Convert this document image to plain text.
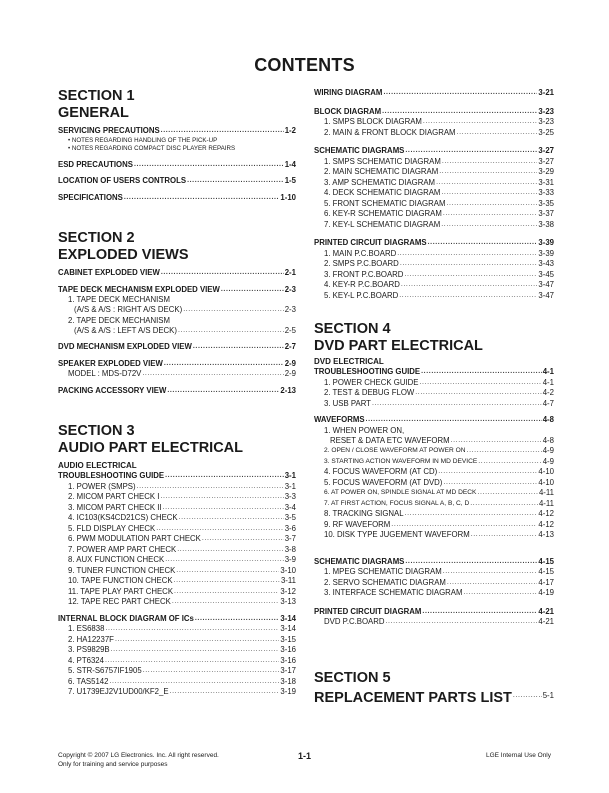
CONTENTS
SECTION 1
GENERAL
SERVICING PRECAUTIONS .....	1-2
• NOTES REGARDING HANDLING OF THE PICK-UP
• NOTES REGARDING COMPACT DISC PLAYER REPAIRS
ESD PRECAUTIONS .....	1-4
LOCATION OF USERS CONTROLS .....	1-5
SPECIFICATIONS .....	1-10
SECTION 2
EXPLODED VIEWS
CABINET EXPLODED VIEW .....	2-1
TAPE DECK MECHANISM EXPLODED VIEW .....	2-3
1. TAPE DECK MECHANISM
(A/S & A/S : RIGHT A/S DECK) .....	2-3
2. TAPE DECK MECHANISM
(A/S & A/S : LEFT A/S DECK) .....	2-5
DVD MECHANISM EXPLODED VIEW .....	2-7
SPEAKER EXPLODED VIEW .....	2-9
MODEL : MDS-D72V .....	2-9
PACKING ACCESSORY VIEW .....	2-13
SECTION 3
AUDIO PART ELECTRICAL
AUDIO ELECTRICAL
TROUBLESHOOTING GUIDE .....	3-1
1. POWER (SMPS) .....	3-1
2. MICOM PART CHECK I .....	3-3
3. MICOM PART CHECK II .....	3-4
4. IC103(KS4CD21CS) CHECK .....	3-5
5. FLD DISPLAY CHECK .....	3-6
6. PWM MODULATION PART CHECK .....	3-7
7. POWER AMP PART CHECK .....	3-8
8. AUX FUNCTION CHECK .....	3-9
9. TUNER FUNCTION CHECK .....	3-10
10. TAPE FUNCTION CHECK .....	3-11
11. TAPE PLAY PART CHECK .....	3-12
12. TAPE REC PART CHECK .....	3-13
INTERNAL BLOCK DIAGRAM OF ICs .....	3-14
1. ES6838 .....	3-14
2. HA12237F .....	3-15
3. PS9829B .....	3-16
4. PT6324 .....	3-16
5. STR-S6757IF1905 .....	3-17
6. TAS5142 .....	3-18
7. U1739EJ2V1UD00/KF2_E .....	3-19
WIRING DIAGRAM .....	3-21
BLOCK DIAGRAM .....	3-23
1. SMPS BLOCK DIAGRAM .....	3-23
2. MAIN & FRONT BLOCK DIAGRAM .....	3-25
SCHEMATIC DIAGRAMS .....	3-27
1. SMPS SCHEMATIC DIAGRAM .....	3-27
2. MAIN SCHEMATIC DIAGRAM .....	3-29
3. AMP SCHEMATIC DIAGRAM .....	3-31
4. DECK SCHEMATIC DIAGRAM .....	3-33
5. FRONT SCHEMATIC DIAGRAM .....	3-35
6. KEY-R SCHEMATIC DIAGRAM .....	3-37
7. KEY-L SCHEMATIC DIAGRAM .....	3-38
PRINTED CIRCUIT DIAGRAMS .....	3-39
1. MAIN P.C.BOARD .....	3-39
2. SMPS P.C.BOARD .....	3-43
3. FRONT P.C.BOARD .....	3-45
4. KEY-R P.C.BOARD .....	3-47
5. KEY-L P.C.BOARD .....	3-47
SECTION 4
DVD PART ELECTRICAL
DVD ELECTRICAL
TROUBLESHOOTING GUIDE .....	4-1
1. POWER CHECK GUIDE .....	4-1
2. TEST & DEBUG FLOW .....	4-2
3. USB PART .....	4-7
WAVEFORMS .....	4-8
1. WHEN POWER ON,
RESET & DATA ETC WAVEFORM .....	4-8
2. OPEN / CLOSE WAVEFORM AT POWER ON .....	4-9
3. STARTING ACTION WAVEFORM IN MD DEVICE .....	4-9
4. FOCUS WAVEFORM (AT CD) .....	4-10
5. FOCUS WAVEFORM (AT DVD) .....	4-10
6. AT POWER ON, SPINDLE SIGNAL AT MD DECK .....	4-11
7. AT FIRST ACTION, FOCUS SIGNAL A, B, C, D .....	4-11
8. TRACKING SIGNAL .....	4-12
9. RF WAVEFORM .....	4-12
10. DISK TYPE JUGEMENT WAVEFORM .....	4-13
SCHEMATIC DIAGRAMS .....	4-15
1. MPEG SCHEMATIC DIAGRAM .....	4-15
2. SERVO SCHEMATIC DIAGRAM .....	4-17
3. INTERFACE SCHEMATIC DIAGRAM .....	4-19
PRINTED CIRCUIT DIAGRAM .....	4-21
DVD P.C.BOARD .....	4-21
SECTION 5
REPLACEMENT PARTS LIST .....	5-1
Copyright © 2007 LG Electronics. Inc. All right reserved.
Only for training and service purposes
1-1	LGE Internal Use Only
